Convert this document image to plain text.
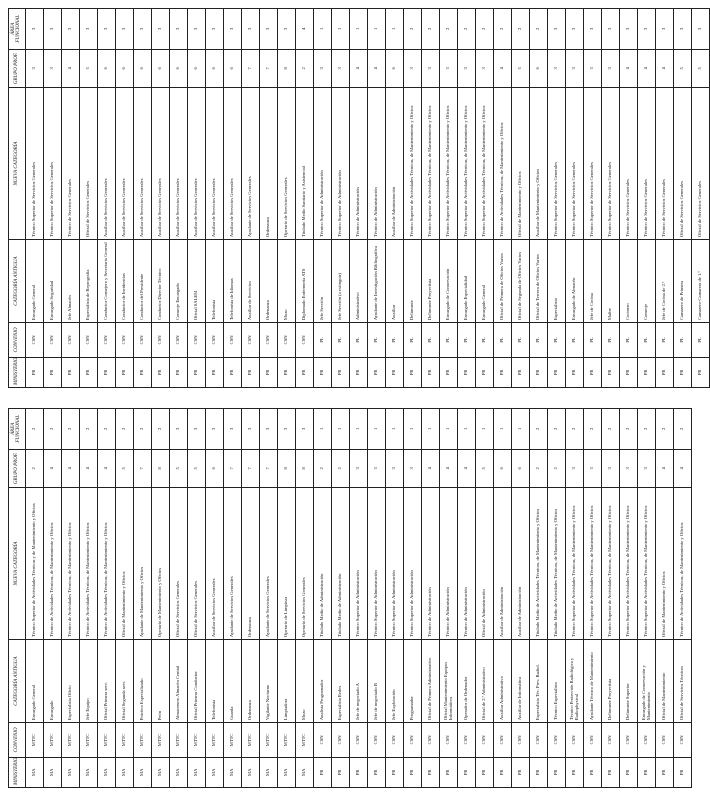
MINISTERIO	CONVENIO	CATEGORÍA ANTIGUA	NUEVA CATEGORÍA	GRUPO PROF.	ÁREA FUNCIONAL
MA	MTTC	Encargado General	Técnico Superior de Actividades Técnicas y de Mantenimiento y Oficios	2	2
MA	MTTC	Encargado	Técnico de Actividades Técnicas, de Mantenimiento y Oficios	4	2
MA	MTTC	Especialista Oficio	Técnico de Actividades Técnicas, de Mantenimiento y Oficios	4	2
MA	MTTC	Jefe Equipo	Técnico de Actividades Técnicas, de Mantenimiento y Oficios	4	2
MA	MTTC	Oficial Primera serv.	Técnico de Actividades Técnicas, de Mantenimiento y Oficios	4	2
MA	MTTC	Oficial Segunda serv.	Oficial de Mantenimiento y Oficios	5	2
MA	MTTC	Práctico Especializado	Ayudante de Mantenimiento y Oficios	7	2
MA	MTTC	Peón	Operario de Mantenimiento y Oficios	8	2
MA	MTTC	Almacenero Almacén Central	Oficial de Servicios Generales	5	3
MA	MTTC	Oficial Primera Conductor	Oficial de Servicios Generales	5	3
MA	MTTC	Telefonista	Auxiliar de Servicios Generales	6	3
MA	MTTC	Guarda	Ayudante de Servicios Generales	7	3
MA	MTTC	Ordenanza	Ordenanza	7	3
MA	MTTC	Vigilante Nocturno	Ayudante de Servicios Generales	7	3
MA	MTTC	Limpiadora	Operario de Limpieza	8	3
MA	MTTC	Mozo	Operario de Servicios Generales	8	3
PR	CSN	Analista Programador	Titulado Medio de Administración	2	1
PR	CSN	Especialista Redes	Titulado Medio de Administración	2	1
PR	CSN	Jefe de negociado A	Técnico Superior de Administración	3	1
PR	CSN	Jefe de negociado B	Técnico Superior de Administración	3	1
PR	CSN	Jefe Explotación	Técnico Superior de Administración	3	1
PR	CSN	Programador	Técnico Superior de Administración	3	1
PR	CSN	Oficial de Primera Administrativo	Técnico de Administración	4	1
PR	CSN	Oficial Mantenimiento Equipos Informáticos	Técnico de Administración	4	1
PR	CSN	Operador de Ordenador	Técnico de Administración	4	1
PR	CSN	Oficial de 2.ª Administrativo	Oficial de Administración	5	1
PR	CSN	Auxiliar Administrativo	Auxiliar de Administración	6	1
PR	CSN	Auxiliar de Informática	Auxiliar de Administración	6	1
PR	CSN	Especialista Téc. Prev. Radiol.	Titulado Medio de Actividades Técnicas, de Mantenimiento y Oficios	2	2
PR	CSN	Técnico Especialista	Titulado Medio de Actividades Técnicas, de Mantenimiento y Oficios	2	2
PR	CSN	Técnico Protección Radiológica y Radiophysical	Técnico Superior de Actividades Técnicas, de Mantenimiento y Oficios	3	2
PR	CSN	Ayudante Técnico de Mantenimiento	Técnico Superior de Actividades Técnicas, de Mantenimiento y Oficios	3	2
PR	CSN	Delineante Proyectista	Técnico Superior de Actividades Técnicas, de Mantenimiento y Oficios	3	2
PR	CSN	Delineante Superior	Técnico Superior de Actividades Técnicas, de Mantenimiento y Oficios	3	2
PR	CSN	Encargado de Conservación y Mantenimiento	Técnico Superior de Actividades Técnicas, de Mantenimiento y Oficios	3	2
PR	CSN	Oficial de Mantenimiento	Oficial de Mantenimiento y Oficios	4	2
PR	CSN	Oficial de Servicios Técnicos	Técnico de Actividades Técnicas, de Mantenimiento y Oficios	4	2
MINISTERIO	CONVENIO	CATEGORÍA ANTIGUA	NUEVA CATEGORÍA	GRUPO PROF.	ÁREA FUNCIONAL
PR	CSN	Encargado General	Técnico Superior de Servicios Generales	3	3
PR	CSN	Encargado Seguridad	Técnico Superior de Servicios Generales	3	3
PR	CSN	Jefe Almacén	Técnico de Servicios Generales	4	3
PR	CSN	Especialista de Reprografía	Oficial de Servicios Generales	5	3
PR	CSN	Conductor Consejero y Secretaria General	Auxiliar de Servicios Generales	6	3
PR	CSN	Conductor de Incidencias	Auxiliar de Servicios Generales	6	3
PR	CSN	Conductor del Presidente	Auxiliar de Servicios Generales	6	3
PR	CSN	Conductor Director Técnico	Auxiliar de Servicios Generales	6	3
PR	CSN	Conserje Encargado	Auxiliar de Servicios Generales	6	3
PR	CSN	Oficial SALEM	Auxiliar de Servicios Generales	6	3
PR	CSN	Telefonista	Auxiliar de Servicios Generales	6	3
PR	CSN	Telefonista de Idiomas	Auxiliar de Servicios Generales	6	3
PR	CSN	Auxiliar de Servicios	Ayudante de Servicios Generales	7	3
PR	CSN	Ordenanza	Ordenanza	7	3
PR	CSN	Mozo	Operario de Servicios Generales	8	3
PR	CSN	Diplomado Enfermería ATS	Titulado Medio Sanitario y Asistencial	2	4
PR	PL	Jefe Sección	Técnico Superior de Administración	3	1
PR	PL	Jefe Sección (a extinguir)	Técnico Superior de Administración	3	1
PR	PL	Administrativo	Técnico de Administración	4	1
PR	PL	Ayudante de Investigación Bibliográfica	Técnico de Administración	4	1
PR	PL	Auxiliar	Auxiliar de Administración	6	1
PR	PL	Delineante	Técnico Superior de Actividades Técnicas, de Mantenimiento y Oficios	3	2
PR	PL	Delineante Proyectista	Técnico Superior de Actividades Técnicas, de Mantenimiento y Oficios	3	2
PR	PL	Encargado de Conservación	Técnico Superior de Actividades Técnicas, de Mantenimiento y Oficios	3	2
PR	PL	Encargado Especialidad	Técnico Superior de Actividades Técnicas, de Mantenimiento y Oficios	3	2
PR	PL	Encargado General	Técnico Superior de Actividades Técnicas, de Mantenimiento y Oficios	3	2
PR	PL	Oficial de Primera de Oficios Varios	Técnico de Actividades Técnicas, de Mantenimiento y Oficios	4	2
PR	PL	Oficial de Segunda de Oficios Varios	Oficial de Mantenimiento y Oficios	5	2
PR	PL	Oficial de Tercera de Oficios Varios	Auxiliar de Mantenimiento y Oficios	6	2
PR	PL	Especialista	Técnico Superior de Servicios Generales	3	3
PR	PL	Encargado de Almacén	Técnico Superior de Servicios Generales	3	3
PR	PL	Jefe de Cocina	Técnico Superior de Servicios Generales	3	3
PR	PL	Maître	Técnico Superior de Servicios Generales	3	3
PR	PL	Cocinero	Técnico de Servicios Generales	4	3
PR	PL	Conserje	Técnico de Servicios Generales	4	3
PR	PL	Jefe de Cocina de 2.ª	Técnico de Servicios Generales	4	3
PR	PL	Camarero de Primera	Oficial de Servicios Generales	5	3
PR	PL	Camarero-Camarera de 1.ª	Oficial de Servicios Generales	5	3
